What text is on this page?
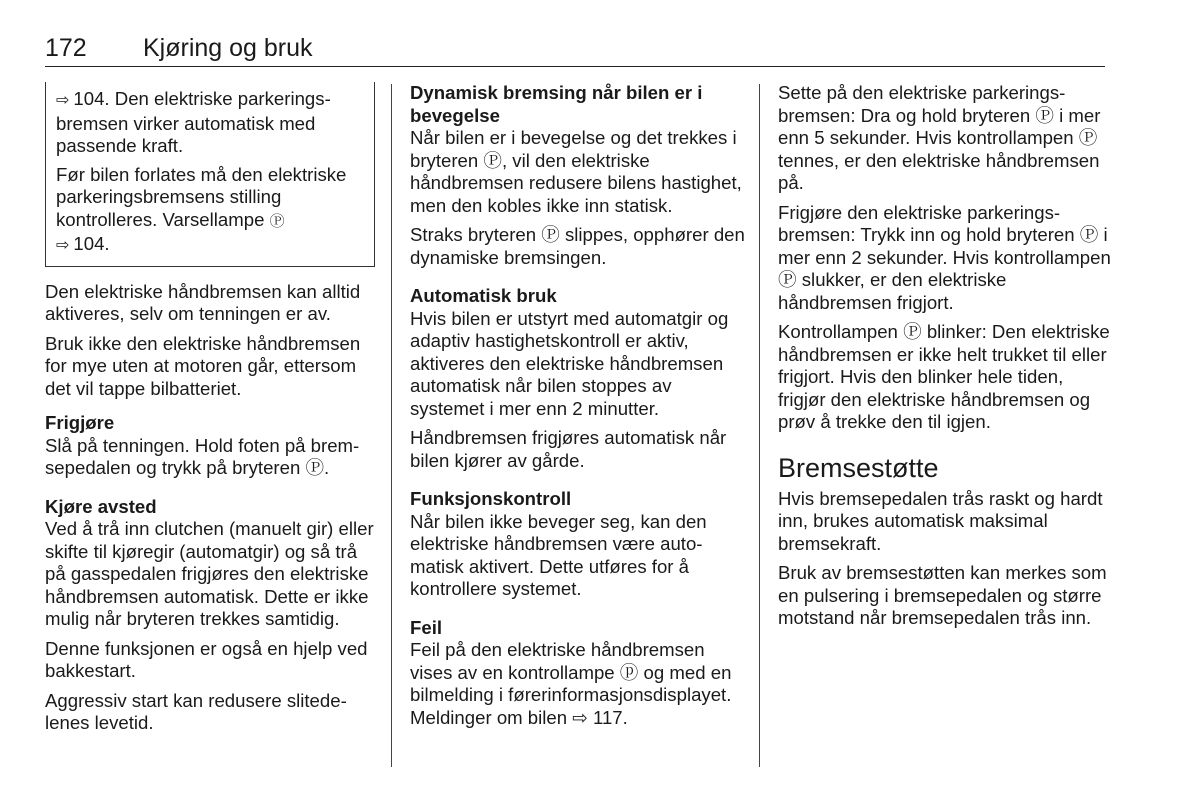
172 Kjøring og bruk

⇨ 104. Den elektriske parkeringsbremsen virker automatisk med passende kraft.

Før bilen forlates må den elektriske parkeringsbremsens stilling kontrolleres. Varsellampe Ⓟ
⇨ 104.

Den elektriske håndbremsen kan alltid aktiveres, selv om tenningen er av.

Bruk ikke den elektriske håndbremsen for mye uten at motoren går, ettersom det vil tappe bilbatteriet.

Frigjøre

Slå på tenningen. Hold foten på bremsepedalen og trykk på bryteren Ⓟ.

Kjøre avsted

Ved å trå inn clutchen (manuelt gir) eller skifte til kjøregir (automatgir) og så trå på gasspedalen frigjøres den elektriske håndbremsen automatisk. Dette er ikke mulig når bryteren trekkes samtidig.

Denne funksjonen er også en hjelp ved bakkestart.

Aggressiv start kan redusere slitedelenes levetid.

Dynamisk bremsing når bilen er i bevegelse

Når bilen er i bevegelse og det trekkes i bryteren Ⓟ, vil den elektriske håndbremsen redusere bilens hastighet, men den kobles ikke inn statisk.

Straks bryteren Ⓟ slippes, opphører den dynamiske bremsingen.

Automatisk bruk

Hvis bilen er utstyrt med automatgir og adaptiv hastighetskontroll er aktiv, aktiveres den elektriske håndbremsen automatisk når bilen stoppes av systemet i mer enn 2 minutter.

Håndbremsen frigjøres automatisk når bilen kjører av gårde.

Funksjonskontroll

Når bilen ikke beveger seg, kan den elektriske håndbremsen være automatisk aktivert. Dette utføres for å kontrollere systemet.

Feil

Feil på den elektriske håndbremsen vises av en kontrollampe ⓟ og med en bilmelding i førerinformasjonsdisplayet. Meldinger om bilen ⇨ 117.

Sette på den elektriske parkeringsbremsen: Dra og hold bryteren Ⓟ i mer enn 5 sekunder. Hvis kontrollampen Ⓟ tennes, er den elektriske håndbremsen på.

Frigjøre den elektriske parkeringsbremsen: Trykk inn og hold bryteren Ⓟ i mer enn 2 sekunder. Hvis kontrollampen Ⓟ slukker, er den elektriske håndbremsen frigjort.

Kontrollampen Ⓟ blinker: Den elektriske håndbremsen er ikke helt trukket til eller frigjort. Hvis den blinker hele tiden, frigjør den elektriske håndbremsen og prøv å trekke den til igjen.

Bremsestøtte

Hvis bremsepedalen trås raskt og hardt inn, brukes automatisk maksimal bremsekraft.

Bruk av bremsestøtten kan merkes som en pulsering i bremsepedalen og større motstand når bremsepedalen trås inn.
